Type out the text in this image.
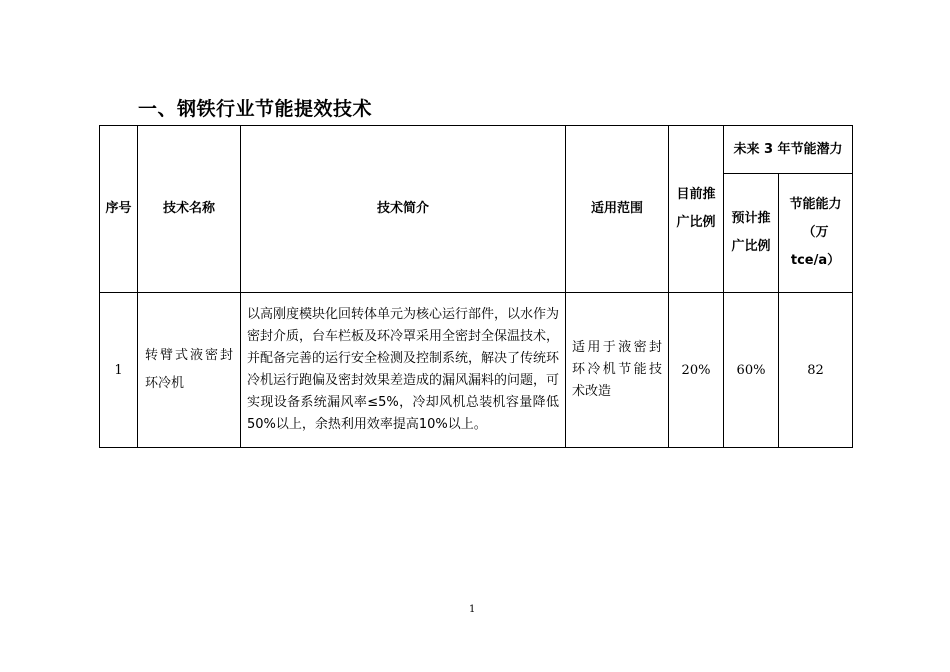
一、钢铁行业节能提效技术
序号	技术名称	技术简介	适用范围	目前推广比例	未来 3 年节能潜力	
					预计推广比例	节能能力（万tce/a）
1	转臂式液密封环冷机	以高刚度模块化回转体单元为核心运行部件，以水作为密封介质，台车栏板及环冷罩采用全密封全保温技术，并配备完善的运行安全检测及控制系统，解决了传统环冷机运行跑偏及密封效果差造成的漏风漏料的问题，可实现设备系统漏风率≤5%，冷却风机总装机容量降低 50%以上，余热利用效率提高10%以上。	适用于液密封环冷机节能技术改造	20%	60%	82
1
